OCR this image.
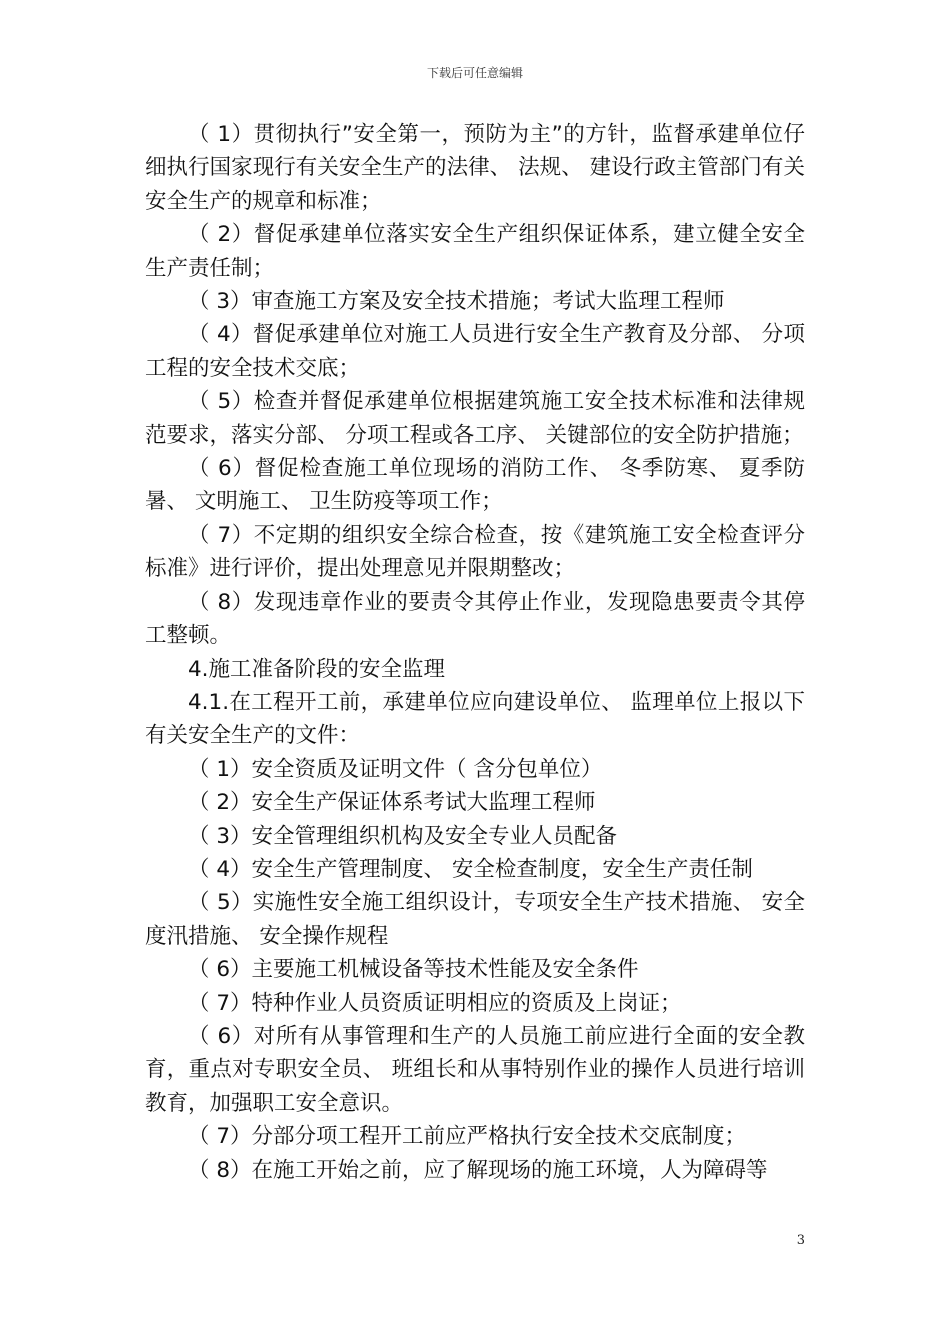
下载后可任意编辑

（ 1）贯彻执行”安全第一，预防为主”的方针，监督承建单位仔细执行国家现行有关安全生产的法律、 法规、 建设行政主管部门有关安全生产的规章和标准；

（ 2）督促承建单位落实安全生产组织保证体系，建立健全安全生产责任制；

（ 3）审查施工方案及安全技术措施；考试大监理工程师

（ 4）督促承建单位对施工人员进行安全生产教育及分部、 分项工程的安全技术交底；

（ 5）检查并督促承建单位根据建筑施工安全技术标准和法律规范要求，落实分部、 分项工程或各工序、 关键部位的安全防护措施；

（ 6）督促检查施工单位现场的消防工作、 冬季防寒、 夏季防暑、 文明施工、 卫生防疫等项工作；

（ 7）不定期的组织安全综合检查，按《建筑施工安全检查评分标准》进行评价，提出处理意见并限期整改；

（ 8）发现违章作业的要责令其停止作业，发现隐患要责令其停工整顿。

4.施工准备阶段的安全监理

4.1.在工程开工前，承建单位应向建设单位、 监理单位上报以下有关安全生产的文件：

（ 1）安全资质及证明文件（ 含分包单位）

（ 2）安全生产保证体系考试大监理工程师

（ 3）安全管理组织机构及安全专业人员配备

（ 4）安全生产管理制度、 安全检查制度，安全生产责任制

（ 5）实施性安全施工组织设计，专项安全生产技术措施、 安全度汛措施、 安全操作规程

（ 6）主要施工机械设备等技术性能及安全条件

（ 7）特种作业人员资质证明相应的资质及上岗证；

（ 6）对所有从事管理和生产的人员施工前应进行全面的安全教育，重点对专职安全员、 班组长和从事特别作业的操作人员进行培训教育，加强职工安全意识。

（ 7）分部分项工程开工前应严格执行安全技术交底制度；

（ 8）在施工开始之前，应了解现场的施工环境，人为障碍等

3
